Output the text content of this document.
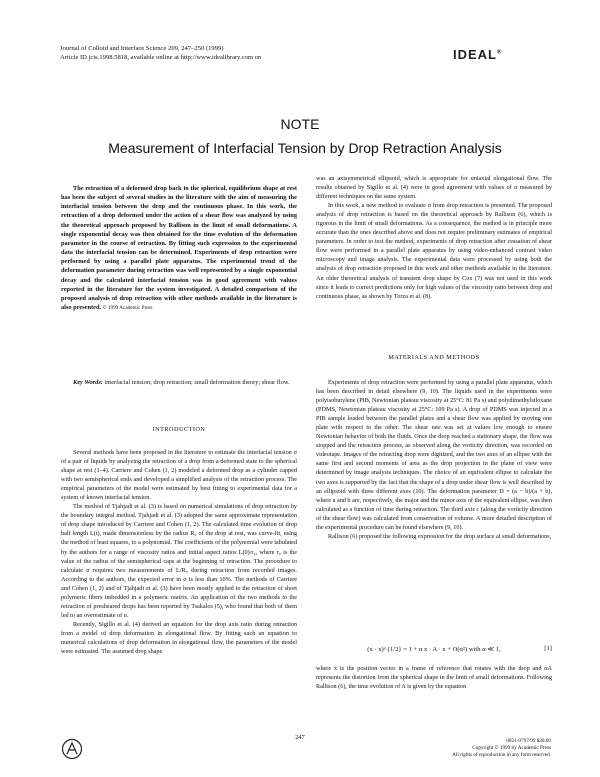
Journal of Colloid and Interface Science 209, 247–250 (1999)
Article ID jcis.1998.5818, available online at http://www.idealibrary.com on	IDEAL®
NOTE
Measurement of Interfacial Tension by Drop Retraction Analysis

The retraction of a deformed drop back to the spherical, equilibrium shape at rest has been the subject of several studies in the literature with the aim of measuring the interfacial tension between the drop and the continuous phase. In this work, the retraction of a drop deformed under the action of a shear flow was analyzed by using the theoretical approach proposed by Rallison in the limit of small deformations. A single exponential decay was then obtained for the time evolution of the deformation parameter in the course of retraction. By fitting such expression to the experimental data the interfacial tension can be determined. Experiments of drop retraction were performed by using a parallel plate apparatus. The experimental trend of the deformation parameter during retraction was well represented by a single exponential decay and the calculated interfacial tension was in good agreement with values reported in the literature for the system investigated. A detailed comparison of the proposed analysis of drop retraction with other methods available in the literature is also presented. © 1999 Academic Press

Key Words: interfacial tension; drop retraction; small deformation theory; shear flow.

INTRODUCTION

Several methods have been proposed in the literature to estimate the interfacial tension σ of a pair of liquids by analyzing the retraction of a drop from a deformed state to the spherical shape at rest (1–4). Carriere and Cohen (1, 2) modeled a deformed drop as a cylinder capped with two semispherical ends and developed a simplified analysis of the retraction process. The empirical parameters of the model were estimated by best fitting to experimental data for a system of known interfacial tension.

The method of Tjahjadi et al. (3) is based on numerical simulations of drop retraction by the boundary integral method. Tjahjadi et al. (3) adopted the same approximate representation of drop shape introduced by Carriere and Cohen (1, 2). The calculated time evolution of drop half length L(t), made dimensionless by the radius R₀ of the drop at rest, was curve-fit, using the method of least squares, to a polynomial. The coefficients of the polynomial were tabulated by the authors for a range of viscosity ratios and initial aspect ratios L(0)/r₀, where r₀ is the value of the radius of the semispherical caps at the beginning of retraction. The procedure to calculate σ requires two measurements of L/R₀ during retraction from recorded images. According to the authors, the expected error in σ is less than 10%. The methods of Carriere and Cohen (1, 2) and of Tjahjadi et al. (3) have been mostly applied to the retraction of short polymeric fibers imbedded in a polymeric matrix. An application of the two methods to the retraction of presheared drops has been reported by Tsakalos (5), who found that both of them led to an overestimate of σ.

Recently, Sigillo et al. (4) derived an equation for the drop axis ratio during retraction from a model of drop deformation in elongational flow. By fitting such an equation to numerical calculations of drop deformation in elongational flow, the parameters of the model were estimated. The assumed drop shape

was an axisymmetrical ellipsoid, which is appropriate for uniaxial elongational flow. The results obtained by Sigillo et al. (4) were in good agreement with values of σ measured by different techniques on the same system.

In this work, a new method to evaluate σ from drop retraction is presented. The proposed analysis of drop retraction is based on the theoretical approach by Rallison (6), which is rigorous in the limit of small deformations. As a consequence, the method is in principle more accurate than the ones described above and does not require preliminary estimates of empirical parameters. In order to test the method, experiments of drop retraction after cessation of shear flow were performed in a parallel plate apparatus by using video-enhanced contrast video microscopy and image analysis. The experimental data were processed by using both the analysis of drop retraction proposed in this work and other methods available in the literature. An older theoretical analysis of transient drop shape by Cox (7) was not used in this work since it leads to correct predictions only for high values of the viscosity ratio between drop and continuous phase, as shown by Torza et al. (8).

MATERIALS AND METHODS

Experiments of drop retraction were performed by using a parallel plate apparatus, which has been described in detail elsewhere (9, 10). The liquids used in the experiments were polyisobutylene (PIB, Newtonian plateau viscosity at 25°C: 81 Pa s) and polydimethylsiloxane (PDMS, Newtonian plateau viscosity at 25°C: 109 Pa s). A drop of PDMS was injected in a PIB sample loaded between the parallel plates and a shear flow was applied by moving one plate with respect to the other. The shear rate was set at values low enough to ensure Newtonian behavior of both the fluids. Once the drop reached a stationary shape, the flow was stopped and the retraction process, as observed along the vorticity direction, was recorded on videotape. Images of the retracting drop were digitized, and the two axes of an ellipse with the same first and second moments of area as the drop projection in the plane of view were determined by image analysis techniques. The choice of an equivalent ellipse to calculate the two axes is supported by the fact that the shape of a drop under shear flow is well described by an ellipsoid with three different axes (10). The deformation parameter D = (a − b)/(a + b), where a and b are, respectively, the major and the minor axis of the equivalent ellipse, was then calculated as a function of time during retraction. The third axis c (along the vorticity direction of the shear flow) was calculated from conservation of volume. A more detailed description of the experimental procedure can be found elsewhere (9, 10).

Rallison (6) proposed the following expression for the drop surface at small deformations,

(x · x)^{1/2} = 1 + α x · A · x + O(α²) with α ≪ 1,	[1]

where x is the position vector in a frame of reference that rotates with the drop and αA represents the distortion from the spherical shape in the limit of small deformations. Following Rallison (6), the time evolution of A is given by the equation

247	0021-9797/99 $30.00
Copyright © 1999 by Academic Press
All rights of reproduction in any form reserved.
